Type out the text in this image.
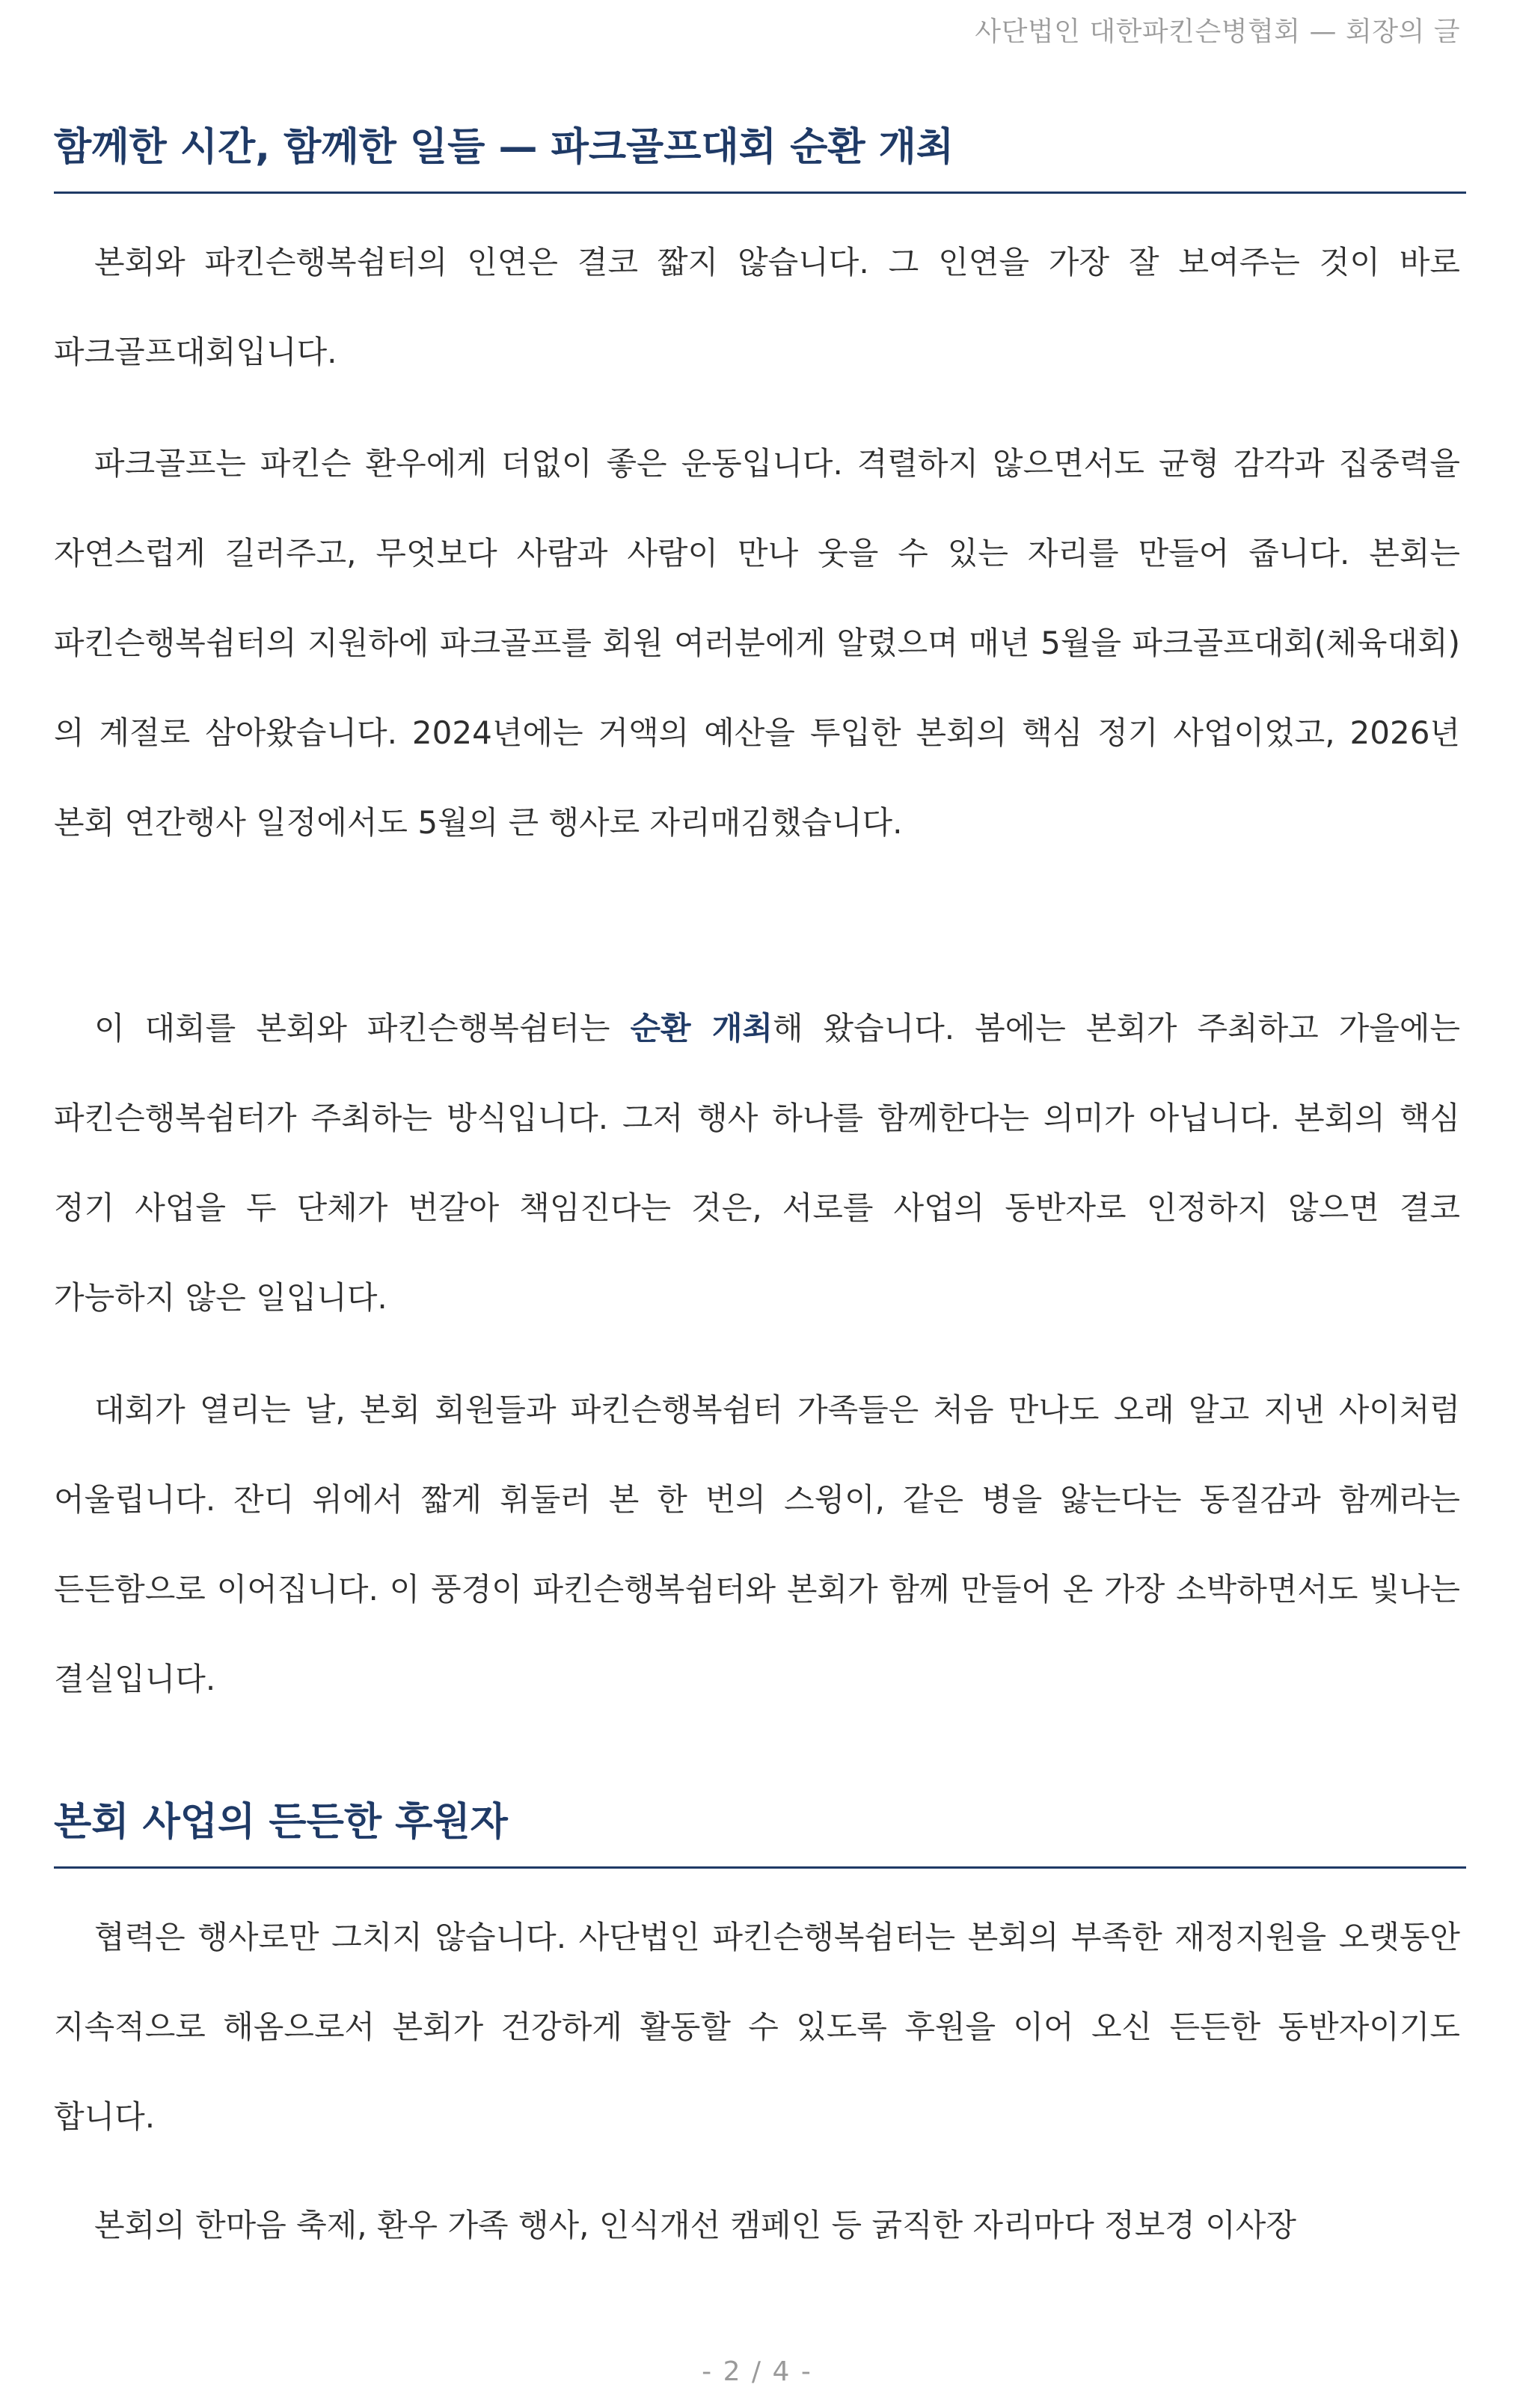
사단법인 대한파킨슨병협회 — 회장의 글
함께한 시간, 함께한 일들 — 파크골프대회 순환 개최

본회와 파킨슨행복쉼터의 인연은 결코 짧지 않습니다. 그 인연을 가장 잘 보여주는 것이 바로 파크골프대회입니다.

파크골프는 파킨슨 환우에게 더없이 좋은 운동입니다. 격렬하지 않으면서도 균형 감각과 집중력을 자연스럽게 길러주고, 무엇보다 사람과 사람이 만나 웃을 수 있는 자리를 만들어 줍니다. 본회는 파킨슨행복쉼터의 지원하에 파크골프를 회원 여러분에게 알렸으며 매년 5월을 파크골프대회(체육대회)의 계절로 삼아왔습니다. 2024년에는 거액의 예산을 투입한 본회의 핵심 정기 사업이었고, 2026년 본회 연간행사 일정에서도 5월의 큰 행사로 자리매김했습니다.

이 대회를 본회와 파킨슨행복쉼터는 순환 개최해 왔습니다. 봄에는 본회가 주최하고 가을에는 파킨슨행복쉼터가 주최하는 방식입니다. 그저 행사 하나를 함께한다는 의미가 아닙니다. 본회의 핵심 정기 사업을 두 단체가 번갈아 책임진다는 것은, 서로를 사업의 동반자로 인정하지 않으면 결코 가능하지 않은 일입니다.

대회가 열리는 날, 본회 회원들과 파킨슨행복쉼터 가족들은 처음 만나도 오래 알고 지낸 사이처럼 어울립니다. 잔디 위에서 짧게 휘둘러 본 한 번의 스윙이, 같은 병을 앓는다는 동질감과 함께라는 든든함으로 이어집니다. 이 풍경이 파킨슨행복쉼터와 본회가 함께 만들어 온 가장 소박하면서도 빛나는 결실입니다.

본회 사업의 든든한 후원자

협력은 행사로만 그치지 않습니다. 사단법인 파킨슨행복쉼터는 본회의 부족한 재정지원을 오랫동안 지속적으로 해옴으로서 본회가 건강하게 활동할 수 있도록 후원을 이어 오신 든든한 동반자이기도 합니다.

본회의 한마음 축제, 환우 가족 행사, 인식개선 캠페인 등 굵직한 자리마다 정보경 이사장

- 2 / 4 -
